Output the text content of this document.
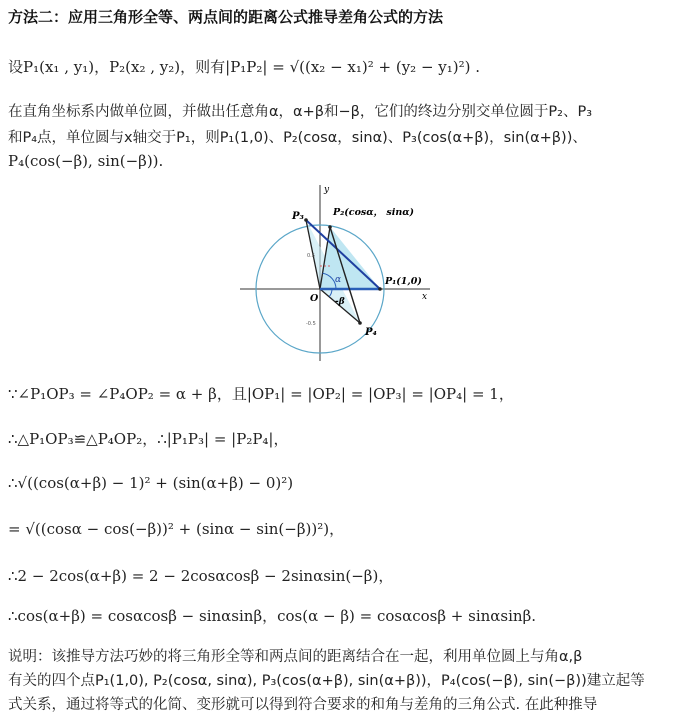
方法二：应用三角形全等、两点间的距离公式推导差角公式的方法
设P₁(x₁ , y₁)，P₂(x₂ , y₂)，则有|P₁P₂| = √((x₂ − x₁)² + (y₂ − y₁)²) .
在直角坐标系内做单位圆，并做出任意角α，α+β和−β，它们的终边分别交单位圆于P₂、P₃
和P₄点，单位圆与x轴交于P₁，则P₁(1,0)、P₂(cosα，sinα)、P₃(cos(α+β)，sin(α+β))、
P₄(cos(−β), sin(−β)).
P₃	P₂(cosα， sinα)
P₁(1,0)
P₄
O	x
y
α
-β
0.5
-0.5
∵∠P₁OP₃ = ∠P₄OP₂ = α + β，且|OP₁| = |OP₂| = |OP₃| = |OP₄| = 1，
∴△P₁OP₃≌△P₄OP₂，∴|P₁P₃| = |P₂P₄|，
∴√((cos(α+β) − 1)² + (sin(α+β) − 0)²)
= √((cosα − cos(−β))² + (sinα − sin(−β))²)，
∴2 − 2cos(α+β) = 2 − 2cosαcosβ − 2sinαsin(−β)，
∴cos(α+β) = cosαcosβ − sinαsinβ，cos(α − β) = cosαcosβ + sinαsinβ.
说明：该推导方法巧妙的将三角形全等和两点间的距离结合在一起，利用单位圆上与角α,β
有关的四个点P₁(1,0), P₂(cosα, sinα), P₃(cos(α+β), sin(α+β))，P₄(cos(−β), sin(−β))建立起等
式关系，通过将等式的化简、变形就可以得到符合要求的和角与差角的三角公式. 在此种推导
